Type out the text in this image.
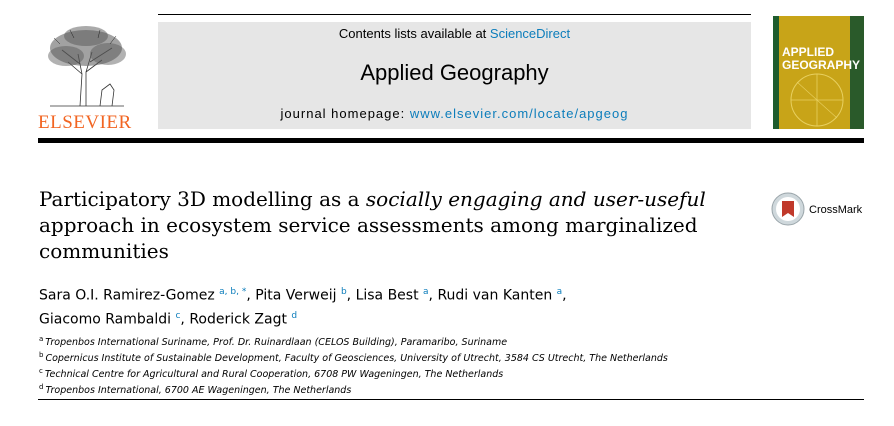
ELSEVIER
Contents lists available at ScienceDirect
Applied Geography
journal homepage: www.elsevier.com/locate/apgeog
APPLIED
GEOGRAPHY
Participatory 3D modelling as a socially engaging and user-useful approach in ecosystem service assessments among marginalized communities
CrossMark
Sara O.I. Ramirez-Gomez $^{a, b, *}$, Pita Verweij $^b$, Lisa Best $^a$, Rudi van Kanten $^a$,
Giacomo Rambaldi $^c$, Roderick Zagt $^d$
$^a$ Tropenbos International Suriname, Prof. Dr. Ruinardlaan (CELOS Building), Paramaribo, Suriname
$^b$ Copernicus Institute of Sustainable Development, Faculty of Geosciences, University of Utrecht, 3584 CS Utrecht, The Netherlands
$^c$ Technical Centre for Agricultural and Rural Cooperation, 6708 PW Wageningen, The Netherlands
$^d$ Tropenbos International, 6700 AE Wageningen, The Netherlands
